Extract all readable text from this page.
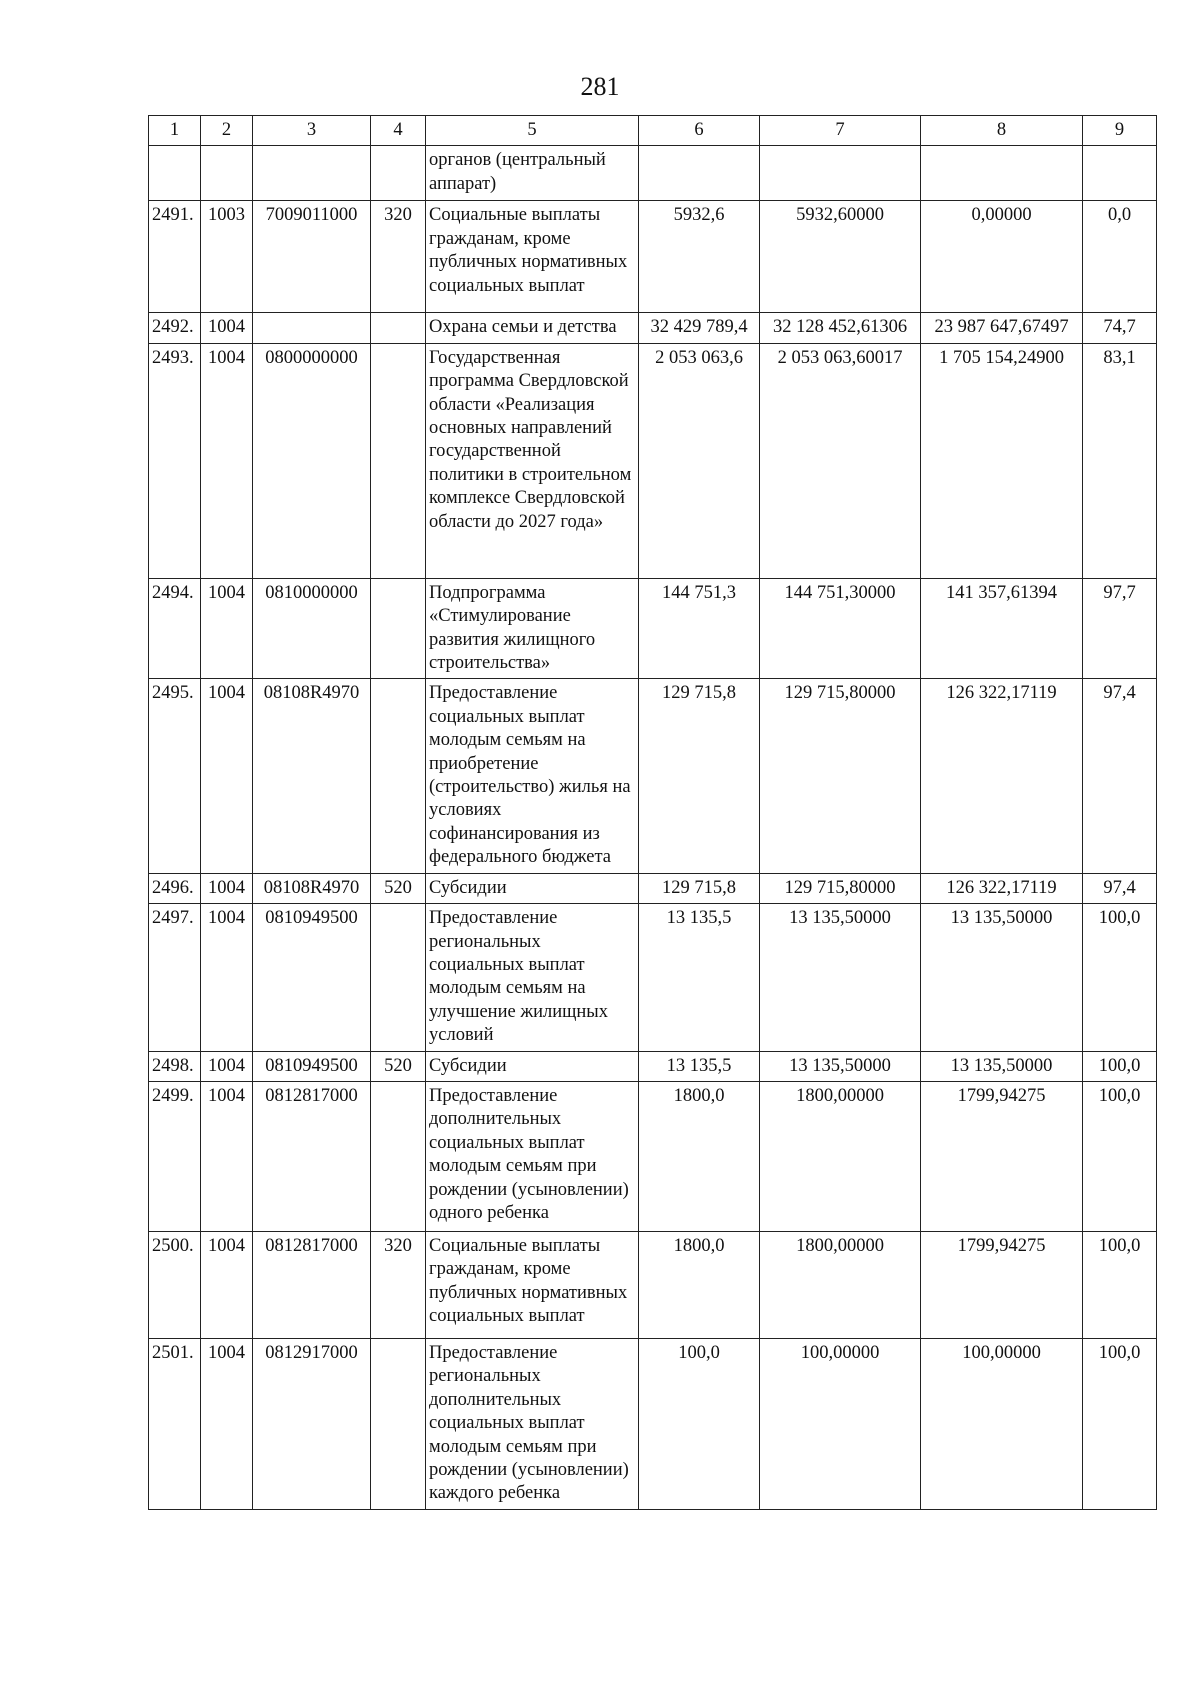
281
1	2	3	4	5	6	7	8	9
				органов (центральный аппарат)				
2491.	1003	7009011000	320	Социальные выплаты гражданам, кроме публичных нормативных социальных выплат	5932,6	5932,60000	0,00000	0,0
2492.	1004			Охрана семьи и детства	32 429 789,4	32 128 452,61306	23 987 647,67497	74,7
2493.	1004	0800000000		Государственная программа Свердловской области «Реализация основных направлений государственной политики в строительном комплексе Свердловской области до 2027 года»	2 053 063,6	2 053 063,60017	1 705 154,24900	83,1
2494.	1004	0810000000		Подпрограмма «Стимулирование развития жилищного строительства»	144 751,3	144 751,30000	141 357,61394	97,7
2495.	1004	08108R4970		Предоставление социальных выплат молодым семьям на приобретение (строительство) жилья на условиях софинансирования из федерального бюджета	129 715,8	129 715,80000	126 322,17119	97,4
2496.	1004	08108R4970	520	Субсидии	129 715,8	129 715,80000	126 322,17119	97,4
2497.	1004	0810949500		Предоставление региональных социальных выплат молодым семьям на улучшение жилищных условий	13 135,5	13 135,50000	13 135,50000	100,0
2498.	1004	0810949500	520	Субсидии	13 135,5	13 135,50000	13 135,50000	100,0
2499.	1004	0812817000		Предоставление дополнительных социальных выплат молодым семьям при рождении (усыновлении) одного ребенка	1800,0	1800,00000	1799,94275	100,0
2500.	1004	0812817000	320	Социальные выплаты гражданам, кроме публичных нормативных социальных выплат	1800,0	1800,00000	1799,94275	100,0
2501.	1004	0812917000		Предоставление региональных дополнительных социальных выплат молодым семьям при рождении (усыновлении) каждого ребенка	100,0	100,00000	100,00000	100,0
